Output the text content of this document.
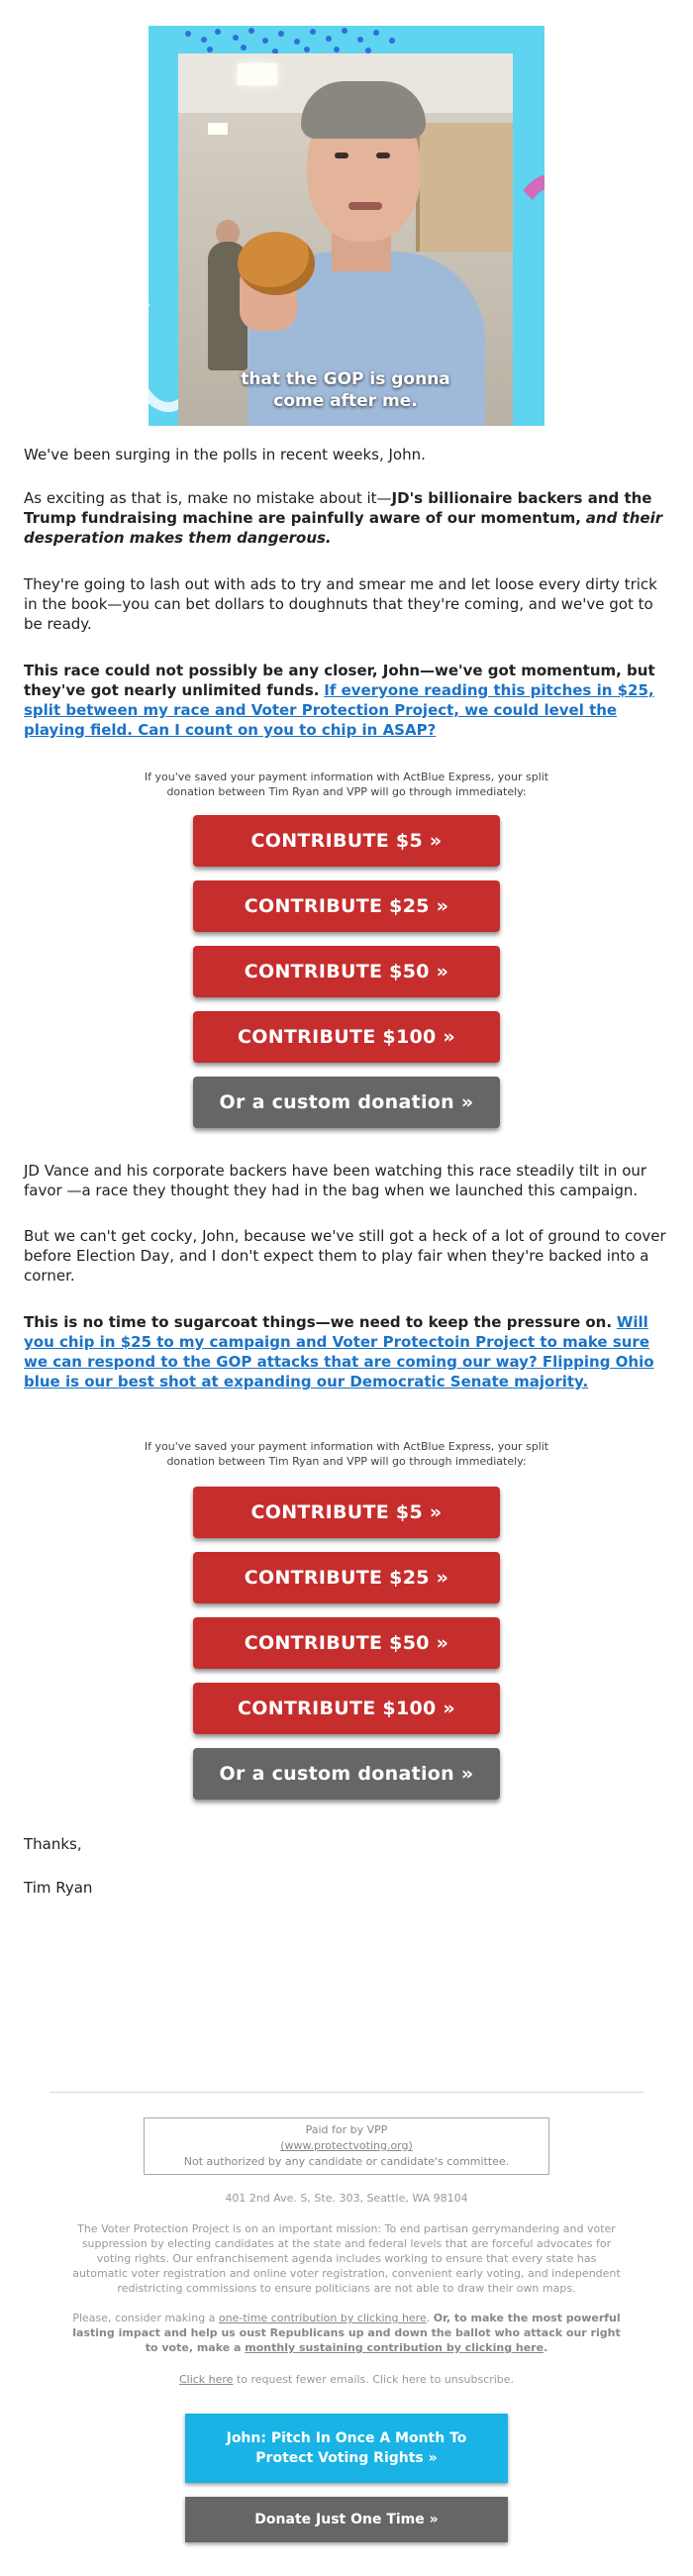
that the GOP is gonna
come after me.

We've been surging in the polls in recent weeks, John.

As exciting as that is, make no mistake about it—JD's billionaire backers and the Trump fundraising machine are painfully aware of our momentum, and their desperation makes them dangerous.

They're going to lash out with ads to try and smear me and let loose every dirty trick in the book—you can bet dollars to doughnuts that they're coming, and we've got to be ready.

This race could not possibly be any closer, John—we've got momentum, but they've got nearly unlimited funds. If everyone reading this pitches in $25, split between my race and Voter Protection Project, we could level the playing field. Can I count on you to chip in ASAP?

If you've saved your payment information with ActBlue Express, your split donation between Tim Ryan and VPP will go through immediately:

CONTRIBUTE $5 »
CONTRIBUTE $25 »
CONTRIBUTE $50 »
CONTRIBUTE $100 »
Or a custom donation »

JD Vance and his corporate backers have been watching this race steadily tilt in our favor —a race they thought they had in the bag when we launched this campaign.

But we can't get cocky, John, because we've still got a heck of a lot of ground to cover before Election Day, and I don't expect them to play fair when they're backed into a corner.

This is no time to sugarcoat things—we need to keep the pressure on. Will you chip in $25 to my campaign and Voter Protectoin Project to make sure we can respond to the GOP attacks that are coming our way? Flipping Ohio blue is our best shot at expanding our Democratic Senate majority.

If you've saved your payment information with ActBlue Express, your split donation between Tim Ryan and VPP will go through immediately:

CONTRIBUTE $5 »
CONTRIBUTE $25 »
CONTRIBUTE $50 »
CONTRIBUTE $100 »
Or a custom donation »

Thanks,

Tim Ryan

Paid for by VPP
(www.protectvoting.org)
Not authorized by any candidate or candidate's committee.

401 2nd Ave. S, Ste. 303, Seattle, WA 98104

The Voter Protection Project is on an important mission: To end partisan gerrymandering and voter suppression by electing candidates at the state and federal levels that are forceful advocates for voting rights. Our enfranchisement agenda includes working to ensure that every state has automatic voter registration and online voter registration, convenient early voting, and independent redistricting commissions to ensure politicians are not able to draw their own maps.

Please, consider making a one-time contribution by clicking here. Or, to make the most powerful lasting impact and help us oust Republicans up and down the ballot who attack our right to vote, make a monthly sustaining contribution by clicking here.

Click here to request fewer emails. Click here to unsubscribe.

John: Pitch In Once A Month To Protect Voting Rights »
Donate Just One Time »
